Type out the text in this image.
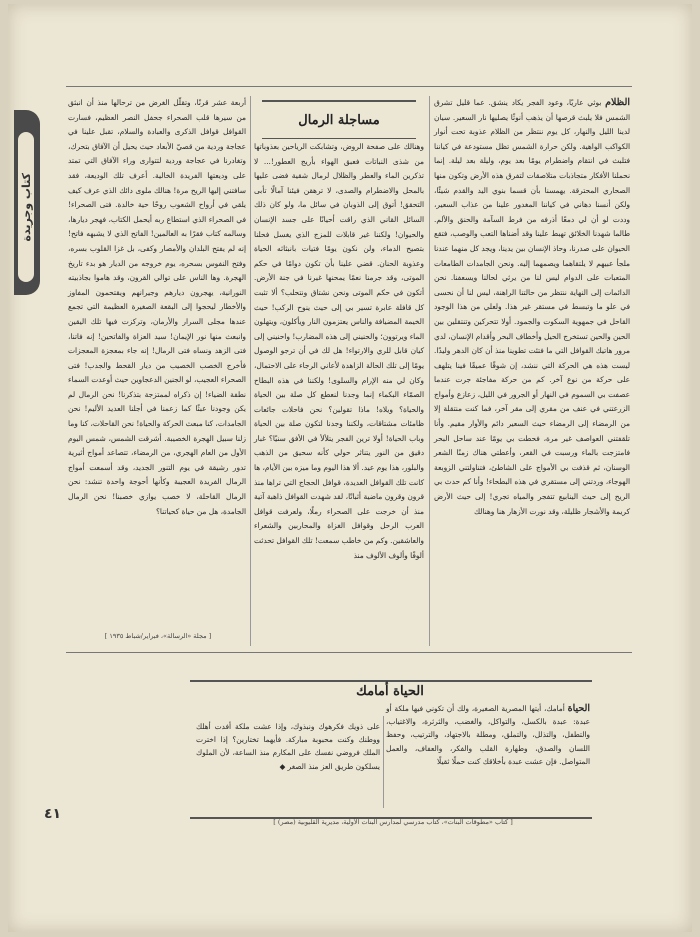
كتاب وجريدة

الظلام بوثي عاريًا، وعود الفجر يكاد ينشق. عما قليل تشرق الشمس فلا يلبث قرصها أن يذهب أنوثًا يصليها نار السعير. سيان لدينا الليل والنهار، كل يوم ننتظر من الظلام عذوبة تحت أنوار الكواكب الواهية. ولكن حرارة الشمس تظل مستودعة في كياننا فتلبث في انتقام واضطرام يومًا بعد يوم، وليلة بعد ليلة. إنما نحملنا الأفكار متجاذبات متلاصقات لتفرق هذه الأرض وتكون منها الصحاري المحترقة. يهمسنا بأن قسما بنوي اليد والقدم شيئًا، ولكن أنسنا دهاني في كياننا المغدور علينا من عذاب السعير، وددت لو أن لي دمعًا أذرفه من فرط السآمة والحنق والألم. طالما شهدنا الخلائق تهبط علينا وقد أضناها التعب والوصب، فتقع الحيوان على صدرنا، وحاذ الإنسان بين يدينا، ويجد كل منهما عندنا ملجأ عبيهم لا يلتقاهما ويصمهما إليه. ونحن الجامدات الطامعات المتعبات على الدوام ليس لنا من يرثي لحالنا ويسعفنا. نحن الدائمات إلى النهاية ننتظر من حالتنا الراهنة، ليس لنا أن نحسى في علو ما وتبسط في مستقر غير هذا. ولعلي من هذا الوجود القاحل في جمهوية السكوت والجمود. أولا تتحركين وتنتقلين بين الحين والحين تستخرج الحيل وأخطاف البحر وأقدام الإنسان، لدي مرور هاتيك القوافل التي ما فتئت تطوينا منذ أن كان الدهر وليدًا. ليست هذه هي الحركة التي ننشد، إن شوقًا عميقًا فينا يتلهف على حركة من نوع آخر. كم من حركة مفاجئة جرت عندما عصفت بي السموم في النهار أو الجرور في الليل، زعازع وأمواج الزرعتني في عنف من مقري إلى مقر آخر، فما كنت منتقلة إلا من الرمضاء إلى الرمضاء حيث السعير دائم والأوار مقيم. وأنا تلقفتني العواصف غير مرة، فحطت بي يومًا عند ساحل البحر فامتزجت بالماء ورسبت في القعر، وأعطتي هناك زمنًا الشعر الوسنان، ثم قذفت بي الأمواج على الشاطئ، فتناولتني الزوبعة الهوجاء، وردتني إلى مستقري في هذه البطحاء! وأنا كم حدث بي الريح إلى حيث الينابيع تتفجر والمياه تجري! إلى حيث الأرض كريمة والأشجار ظليلة، وقد نورت الأزهار هنا وهنالك

مساجلة الرمال

وهنالك على صفحة الروض، وتشابكت الرياحين بعذوباتها من شذى النباتات فعبق الهواء بأريج العطور!... لا تذكرين الماء والعطر والظلال لرمال شقية فضى عليها بالمحل والاضطرام والصدى، لا ترهقن فيئنا آمالًا تأبى التحقق! أتوق إلى الذوبان في سائل ما، ولو كان ذلك السائل القاني الذي راقت أحيانًا على جسد الإنسان والحيوان! ولكننا غير قابلات للمزج الذي يغسل فحلنا بتصيح الدماء، ولن نكون يومًا فتيات بانبثاثه الحياة وعذوبة الحنان. قضي علينا بأن تكون دوامًا في حكم الموتى، وقد جرمنا نعمًا يمحنها غيرنا في جنة الأرض. أتكون في حكم الموتى ونحن نشتاق ونتحلب؟ ألا تثبت كل قافلة عابرة تسير بي إلى حيث ينوح الركب! حيث الخيمة المضيافة والناس يعتزمون النار ويأكلون، ويتهلون الماء ويرتوون؛ والحنيني إلى هذه المضارب! واحنيني إلى كيان قابل للري والارتواء! هل لك في أن ترجو الوصول يومًا إلى تلك الحالة الزاهدة لأعاني الرجاء على الاحتمال، وكان لي منه الإرام والسلوى! ولكننا في هذه البطاح الصمّاء البكماء إنما وجدنا لنعطع كل صلة بين الحياة والحياة؟ ويلاه! ماذا تقولين؟ نحن فاحلات جائعات ظامئات مشتاقات، ولكننا وجدنا لتكون صلة بين الحياة وباب الحياة! أولا ترين الفجر يتلألأ في الأفق سنيًا؟ غبار دقيق من النور يتناثر حولي كأنه سحيق من الذهب والبلور، هذا يوم عيد. ألا هذا اليوم وما ميزه بين الأيام، ها كانت تلك القوافل العديدة، قوافل الحجاج التي تراها منذ قرون وقرون ماضية أثباتًا، لقد شهدت القوافل ذاهبة آتية منذ أن خرجت على الصحراء رملًا، ولعرفت قوافل العرب الرحل وقوافل الغزاة والمحاربين والشعراء والعاشقين. وكم من خاطب سمعت! تلك القوافل تحدثت ألوفًا وألوف الألوف منذ

أربعة عشر قرنًا، وتقلّل الغرض من ترحالها منذ أن انبثق من سيرها قلب الصحراء جحفل النصر العظيم، فسارت القوافل قوافل الذكرى والعبادة والسلام، تقبل علينا في عجاجة وردية من قصيّ الأبعاد حيث يحيل أن الآفاق بتحرك، وتغادرنا في عجاجة وردية لتتوارى وراء الآفاق التي تمتد على وديعتها الفريدة الخالية. أعرف تلك الوديعة، فقد سافتني إليها الريح مرة! هنالك ملوى دائك الذي عرف كيف يلقي في أرواح الشعوب روحًا حية خالدة. فتى الصحراء! في الصحراء الذي استطاع ربه أيحمل الكتاب، فهجر ديارها، وسالمه كتاب فقرًا به العالمين! الفاتح الذي لا يشبهه فاتح! إنه لم يفتح البلدان والأمصار وكفى، بل غزا القلوب بسره، وفتح النفوس بسحره، يوم خروجه من الديار هو بدء تاريخ الهجرة. وها الناس على توالي القرون، وقد هاموا بجاذبيته النورانية، يهجرون ديارهم وجيرانهم ويقتحمون المفاوز والأخطار ليحجوا إلى البقعة الصغيرة العظيمة التي تجمع عندها مجلى السرار والأرمان، وتركزت فيها تلك اليقين وانبعث منها نور الإيمان! سيد العزاة والفاتحين! إنه فاتنا، فتى الزهد ونساه فتى الرمال! إنه جاء بمعجزة المعجزات فأخرج الخصب الخصيب من ديار القحط والجدب! فتى الصحراء العجيب، لو الجنين الدعجاوين حيث أوعدت السماء نطفة الضياء! إن ذكراه لممتزجة بتذكرنا! نحن الرمال لم يكن وجودنا عبثًا كما زعمنا في أجلنا العديد الأليم! نحن الجامدات، كنا مبعث الحركة والحياة! نحن القاحلات، كنا وما زلنا سبيل الهجرة الخصيبة. أشرقت الشمس، شمس اليوم الأول من العام الهجري، من الرمضاء، تتصاعد أمواج أثيرية تدور رشيقة في يوم التنور الجديد، وقد أسمعت أمواج الرمال الفريدة العجيبة وكأنها أحوجة واحدة تنشد: نحن الرمال القاحلة، لا خصب يوازي خصبنا! نحن الرمال الجامدة، هل من حياة كحياتنا؟

[ مجلة «الرسالة»، فبراير/شباط ١٩٣٥ ]
الحياة أمامك

الحياة أمامك، أيتها المصرية الصغيرة، ولك أن تكوني فيها ملكة أو عبدة: عبدة بالكسل، والتواكل، والغضب، والثرثرة، والاغتياب، والتطفل، والتذلل، والتملق، ومطلة بالاجتهاد، والترتيب، وحفظ اللسان والصدق، وطهارة القلب والفكر، والعفاف، والعمل المتواصل. فإن عشت عبدة بأخلاقك كنت حملًا ثقيلًا

على ذويك فكرهوك ونبذوك، وإذا عشت ملكة أفدت أهلك ووطنك وكنت محبوبة مباركة. فأيهما تختارين؟ إذا اخترت الملك فروضي نفسك على المكارم منذ الساعة، لأن الملوك يسلكون طريق العز منذ الصغر ◆

[ كتاب «مطوقات البنات»، كتاب مدرسي لمدارس البنات الأولية، مديرية القليوبية (مصر) ]
٤١
